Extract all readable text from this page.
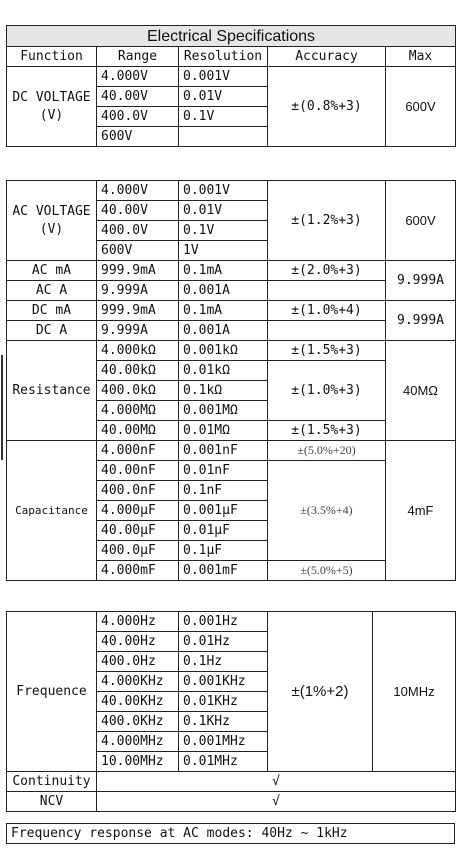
Electrical Specifications				
Function	Range	Resolution	Accuracy	Max
DC VOLTAGE (V)	4.000V	0.001V	±(0.8%+3)	600V
	40.00V	0.01V		
	400.0V	0.1V		
	600V			
AC VOLTAGE (V)	4.000V	0.001V	±(1.2%+3)	600V
	40.00V	0.01V		
	400.0V	0.1V		
	600V	1V		
AC mA	999.9mA	0.1mA	±(2.0%+3)	9.999A
AC A	9.999A	0.001A		
DC mA	999.9mA	0.1mA	±(1.0%+4)	9.999A
DC A	9.999A	0.001A		
Resistance	4.000kΩ	0.001kΩ	±(1.5%+3)	40MΩ
	40.00kΩ	0.01kΩ	±(1.0%+3)	
	400.0kΩ	0.1kΩ		
	4.000MΩ	0.001MΩ		
	40.00MΩ	0.01MΩ	±(1.5%+3)	
Capacitance	4.000nF	0.001nF	±(5.0%+20)	4mF
	40.00nF	0.01nF	±(3.5%+4)	
	400.0nF	0.1nF		
	4.000μF	0.001μF		
	40.00μF	0.01μF		
	400.0μF	0.1μF		
	4.000mF	0.001mF	±(5.0%+5)	
Frequence	4.000Hz	0.001Hz	±(1%+2)	10MHz
	40.00Hz	0.01Hz		
	400.0Hz	0.1Hz		
	4.000KHz	0.001KHz		
	40.00KHz	0.01KHz		
	400.0KHz	0.1KHz		
	4.000MHz	0.001MHz		
	10.00MHz	0.01MHz		
Continuity	√			
NCV	√			
Frequency response at AC modes: 40Hz ~ 1kHz
